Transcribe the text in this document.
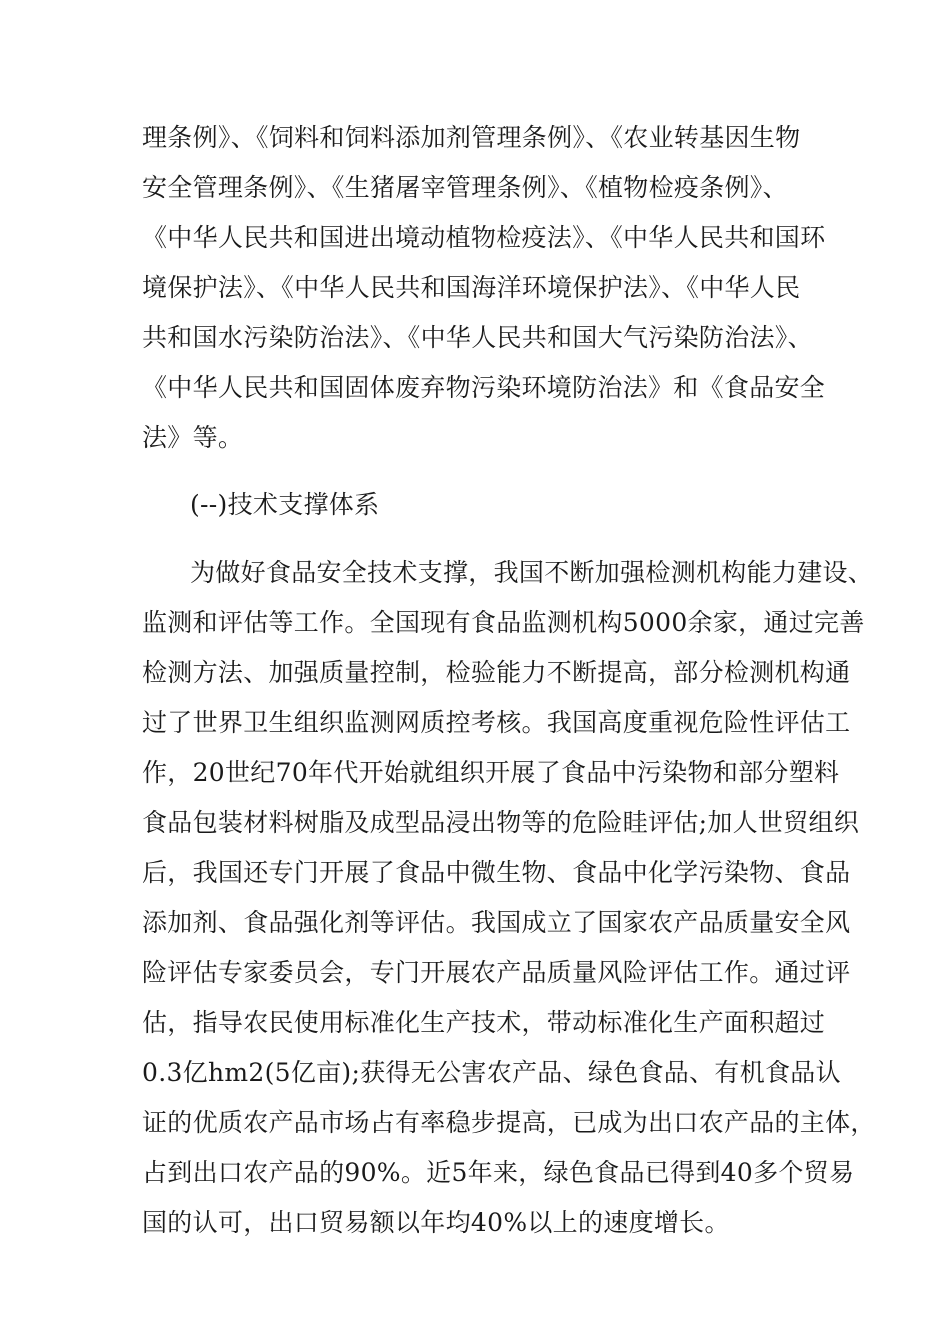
理条例》、《饲料和饲料添加剂管理条例》、《农业转基因生物
安全管理条例》、《生猪屠宰管理条例》、《植物检疫条例》、
《中华人民共和国进出境动植物检疫法》、《中华人民共和国环
境保护法》、《中华人民共和国海洋环境保护法》、《中华人民
共和国水污染防治法》、《中华人民共和国大气污染防治法》、
《中华人民共和国固体废弃物污染环境防治法》和《食品安全
法》等。
(--)技术支撑体系
为做好食品安全技术支撑，我国不断加强检测机构能力建设、
监测和评估等工作。全国现有食品监测机构5000余家，通过完善
检测方法、加强质量控制，检验能力不断提高，部分检测机构通
过了世界卫生组织监测网质控考核。我国高度重视危险性评估工
作，20世纪70年代开始就组织开展了食品中污染物和部分塑料
食品包装材料树脂及成型品浸出物等的危险眭评估;加人世贸组织
后，我国还专门开展了食品中微生物、食品中化学污染物、食品
添加剂、食品强化剂等评估。我国成立了国家农产品质量安全风
险评估专家委员会，专门开展农产品质量风险评估工作。通过评
估，指导农民使用标准化生产技术，带动标准化生产面积超过
0.3亿hm2(5亿亩);获得无公害农产品、绿色食品、有机食品认
证的优质农产品市场占有率稳步提高，已成为出口农产品的主体，
占到出口农产品的90%。近5年来，绿色食品已得到40多个贸易
国的认可，出口贸易额以年均40%以上的速度增长。
